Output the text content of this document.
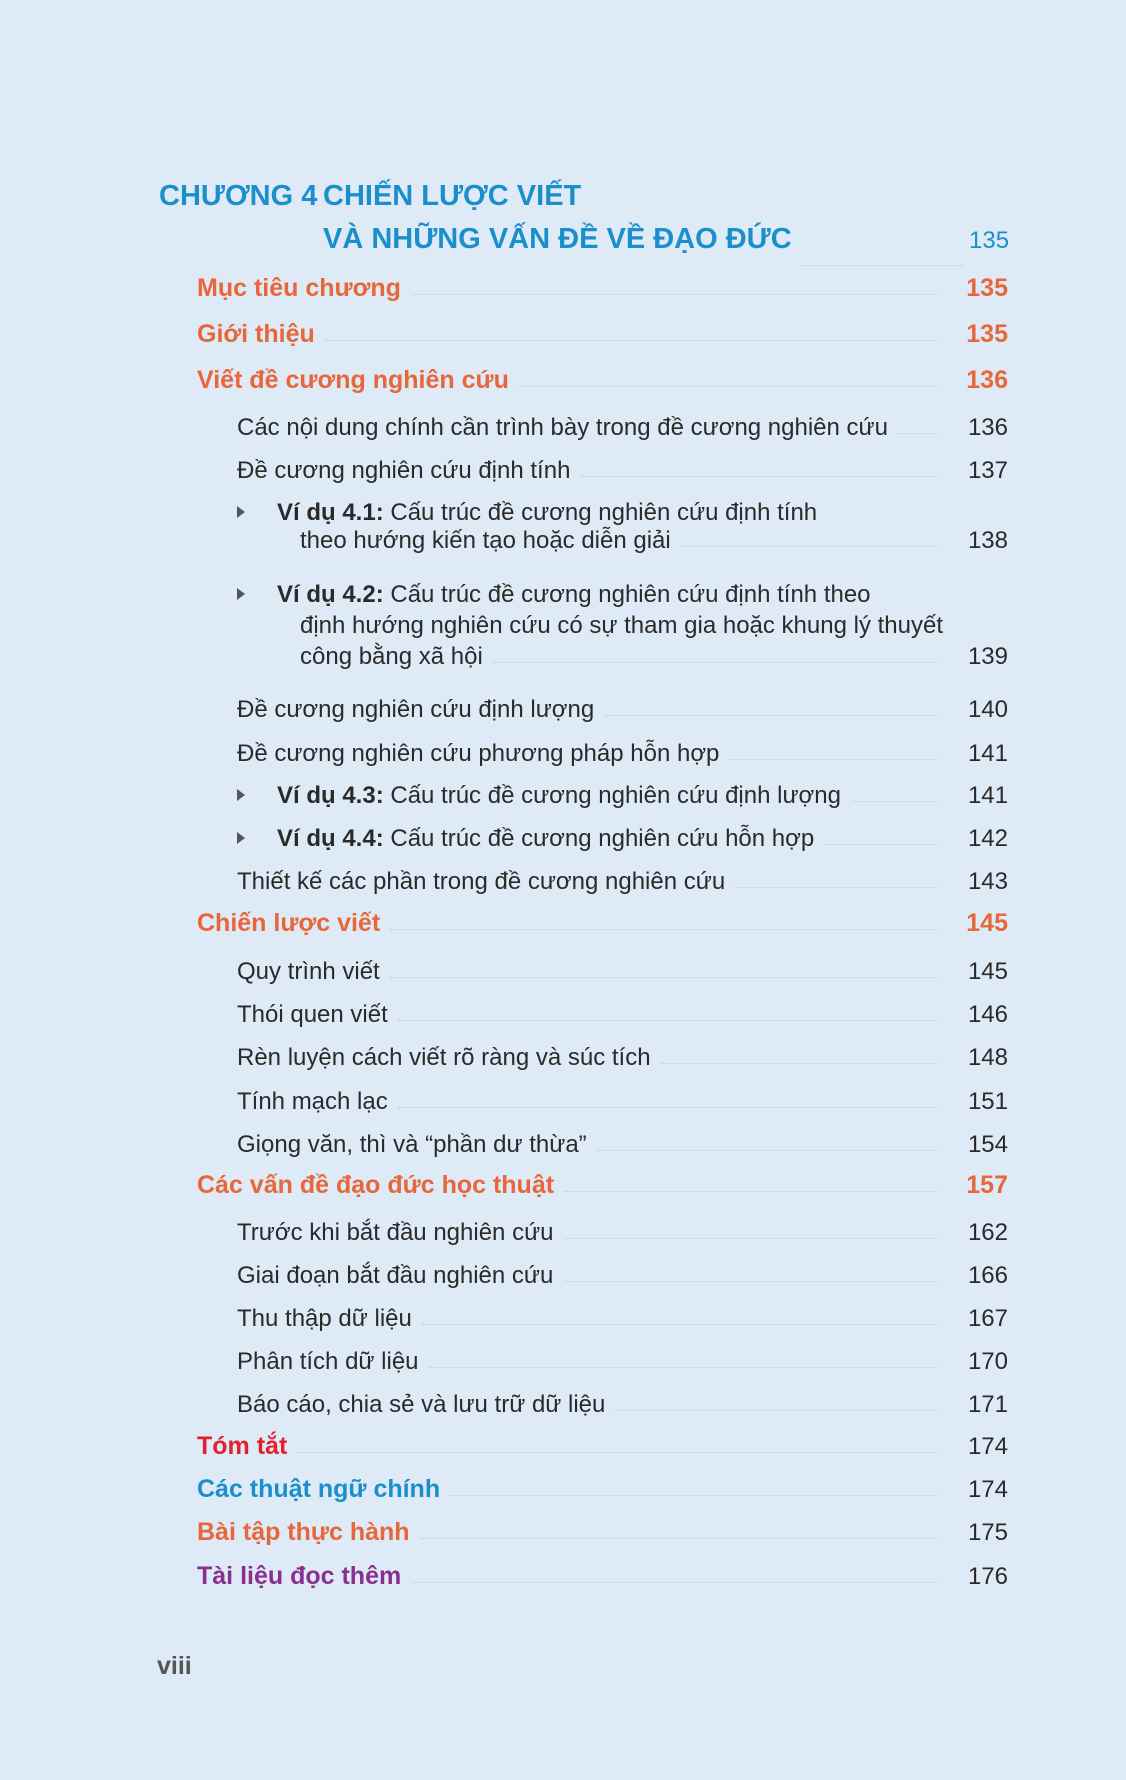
CHƯƠNG 4 CHIẾN LƯỢC VIẾT
VÀ NHỮNG VẤN ĐỀ VỀ ĐẠO ĐỨC	135
Mục tiêu chương	135
Giới thiệu	135
Viết đề cương nghiên cứu	136
Các nội dung chính cần trình bày trong đề cương nghiên cứu	136
Đề cương nghiên cứu định tính	137
Ví dụ 4.1: Cấu trúc đề cương nghiên cứu định tính
theo hướng kiến tạo hoặc diễn giải	138
Ví dụ 4.2: Cấu trúc đề cương nghiên cứu định tính theo
định hướng nghiên cứu có sự tham gia hoặc khung lý thuyết
công bằng xã hội	139
Đề cương nghiên cứu định lượng	140
Đề cương nghiên cứu phương pháp hỗn hợp	141
Ví dụ 4.3: Cấu trúc đề cương nghiên cứu định lượng	141
Ví dụ 4.4: Cấu trúc đề cương nghiên cứu hỗn hợp	142
Thiết kế các phần trong đề cương nghiên cứu	143
Chiến lược viết	145
Quy trình viết	145
Thói quen viết	146
Rèn luyện cách viết rõ ràng và súc tích	148
Tính mạch lạc	151
Giọng văn, thì và “phần dư thừa”	154
Các vấn đề đạo đức học thuật	157
Trước khi bắt đầu nghiên cứu	162
Giai đoạn bắt đầu nghiên cứu	166
Thu thập dữ liệu	167
Phân tích dữ liệu	170
Báo cáo, chia sẻ và lưu trữ dữ liệu	171
Tóm tắt	174
Các thuật ngữ chính	174
Bài tập thực hành	175
Tài liệu đọc thêm	176
viii
